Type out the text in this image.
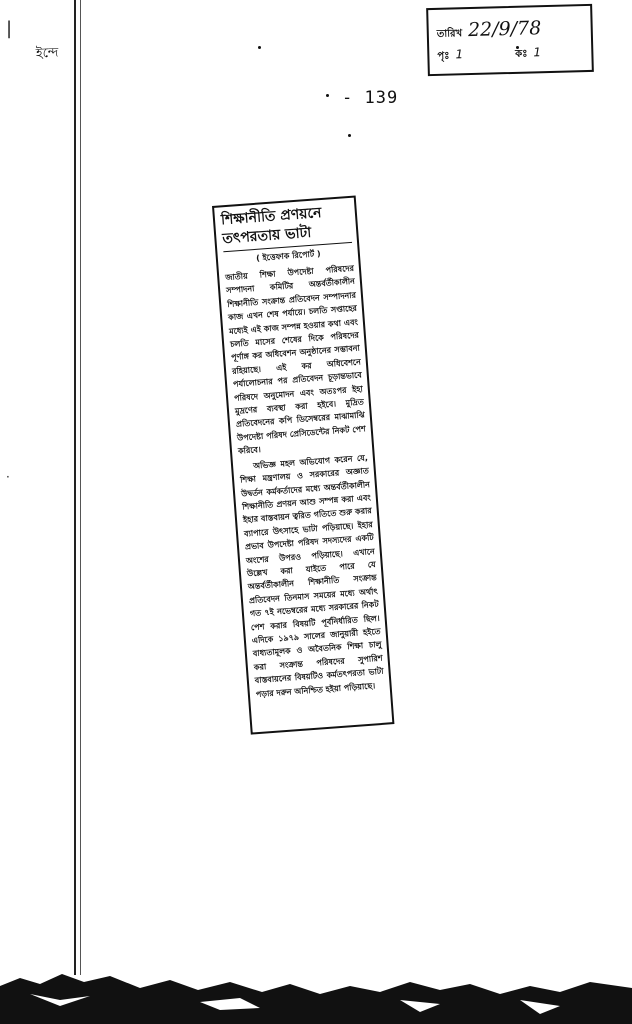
|
·
ইন্দে
- 139
তারিখ 22/9/78
পৃঃ 1	কঃ 1
শিক্ষানীতি প্রণয়নে
তৎপরতায় ভাটা
( ইত্তেফাক রিপোর্ট )

জাতীয় শিক্ষা উপদেষ্টা পরিষদের সম্পাদনা কমিটির অন্তর্বর্তীকালীন শিক্ষানীতি সংক্রান্ত প্রতিবেদন সম্পাদনার কাজ এখন শেষ পর্যায়ে। চলতি সপ্তাহের মধ্যেই এই কাজ সম্পন্ন হওয়ার কথা এবং চলতি মাসের শেষের দিকে পরিষদের পূর্ণাঙ্গ কর অধিবেশন অনুষ্ঠানের সম্ভাবনা রহিয়াছে। এই কর অধিবেশনে পর্যালোচনার পর প্রতিবেদন চূড়ান্তভাবে পরিষদে অনুমোদন এবং অতঃপর ইহা মুদ্রণের ব্যবস্থা করা হইবে। মুদ্রিত প্রতিবেদনের কপি ডিসেম্বরের মাঝামাঝি উপদেষ্টা পরিষদ প্রেসিডেন্টের নিকট পেশ করিবে।

অভিজ্ঞ মহল অভিযোগ করেন যে, শিক্ষা মন্ত্রণালয় ও সরকারের অজ্ঞাত উদ্বর্তন কর্মকর্তাদের মধ্যে অন্তর্বর্তীকালীন শিক্ষানীতি প্রণয়ন আশু সম্পন্ন করা এবং ইহার বাস্তবায়ন ত্বরিত গতিতে শুরু করার ব্যাপারে উৎসাহে ভাটা পড়িয়াছে। ইহার প্রভাব উপদেষ্টা পরিষদ সদস্যদের একটি অংশের উপরও পড়িয়াছে। এখানে উল্লেখ করা যাইতে পারে যে অন্তর্বর্তীকালীন শিক্ষানীতি সংক্রান্ত প্রতিবেদন তিনমাস সময়ের মধ্যে অর্থাৎ গত ৭ই নভেম্বরের মধ্যে সরকারের নিকট পেশ করার বিষয়টি পূর্বনির্ধারিত ছিল। এদিকে ১৯৭৯ সালের জানুয়ারী হইতে বাধ্যতামূলক ও অবৈতনিক শিক্ষা চালু করা সংক্রান্ত পরিষদের সুপারিশ বাস্তবায়নের বিষয়টিও কর্মতৎপরতা ভাটা পড়ার দরুন অনিশ্চিত হইয়া পড়িয়াছে।
